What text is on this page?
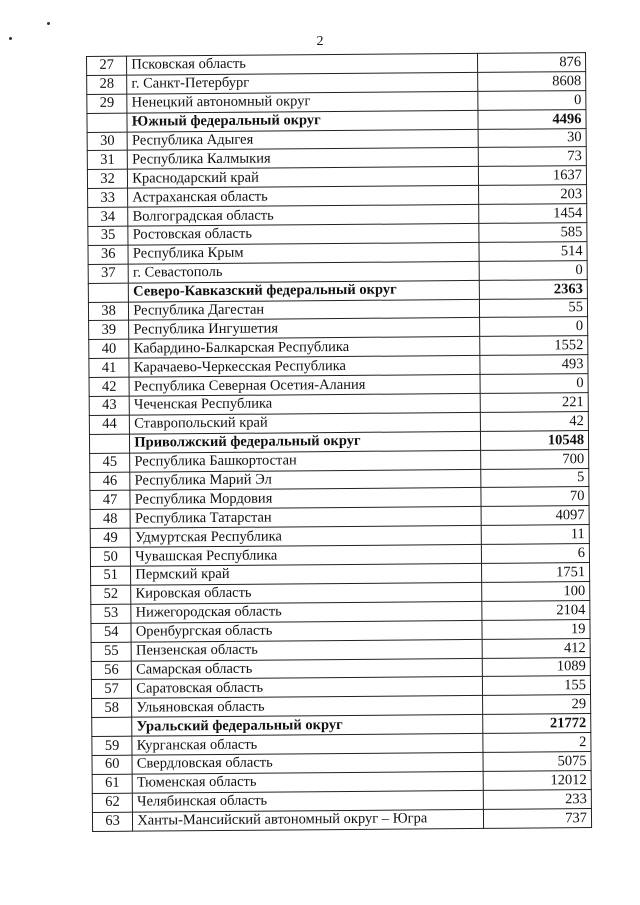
2
27	Псковская область	876
28	г. Санкт-Петербург	8608
29	Ненецкий автономный округ	0
	Южный федеральный округ	4496
30	Республика Адыгея	30
31	Республика Калмыкия	73
32	Краснодарский край	1637
33	Астраханская область	203
34	Волгоградская область	1454
35	Ростовская область	585
36	Республика Крым	514
37	г. Севастополь	0
	Северо-Кавказский федеральный округ	2363
38	Республика Дагестан	55
39	Республика Ингушетия	0
40	Кабардино-Балкарская Республика	1552
41	Карачаево-Черкесская Республика	493
42	Республика Северная Осетия-Алания	0
43	Чеченская Республика	221
44	Ставропольский край	42
	Приволжский федеральный округ	10548
45	Республика Башкортостан	700
46	Республика Марий Эл	5
47	Республика Мордовия	70
48	Республика Татарстан	4097
49	Удмуртская Республика	11
50	Чувашская Республика	6
51	Пермский край	1751
52	Кировская область	100
53	Нижегородская область	2104
54	Оренбургская область	19
55	Пензенская область	412
56	Самарская область	1089
57	Саратовская область	155
58	Ульяновская область	29
	Уральский федеральный округ	21772
59	Курганская область	2
60	Свердловская область	5075
61	Тюменская область	12012
62	Челябинская область	233
63	Ханты-Мансийский автономный округ – Югра	737
